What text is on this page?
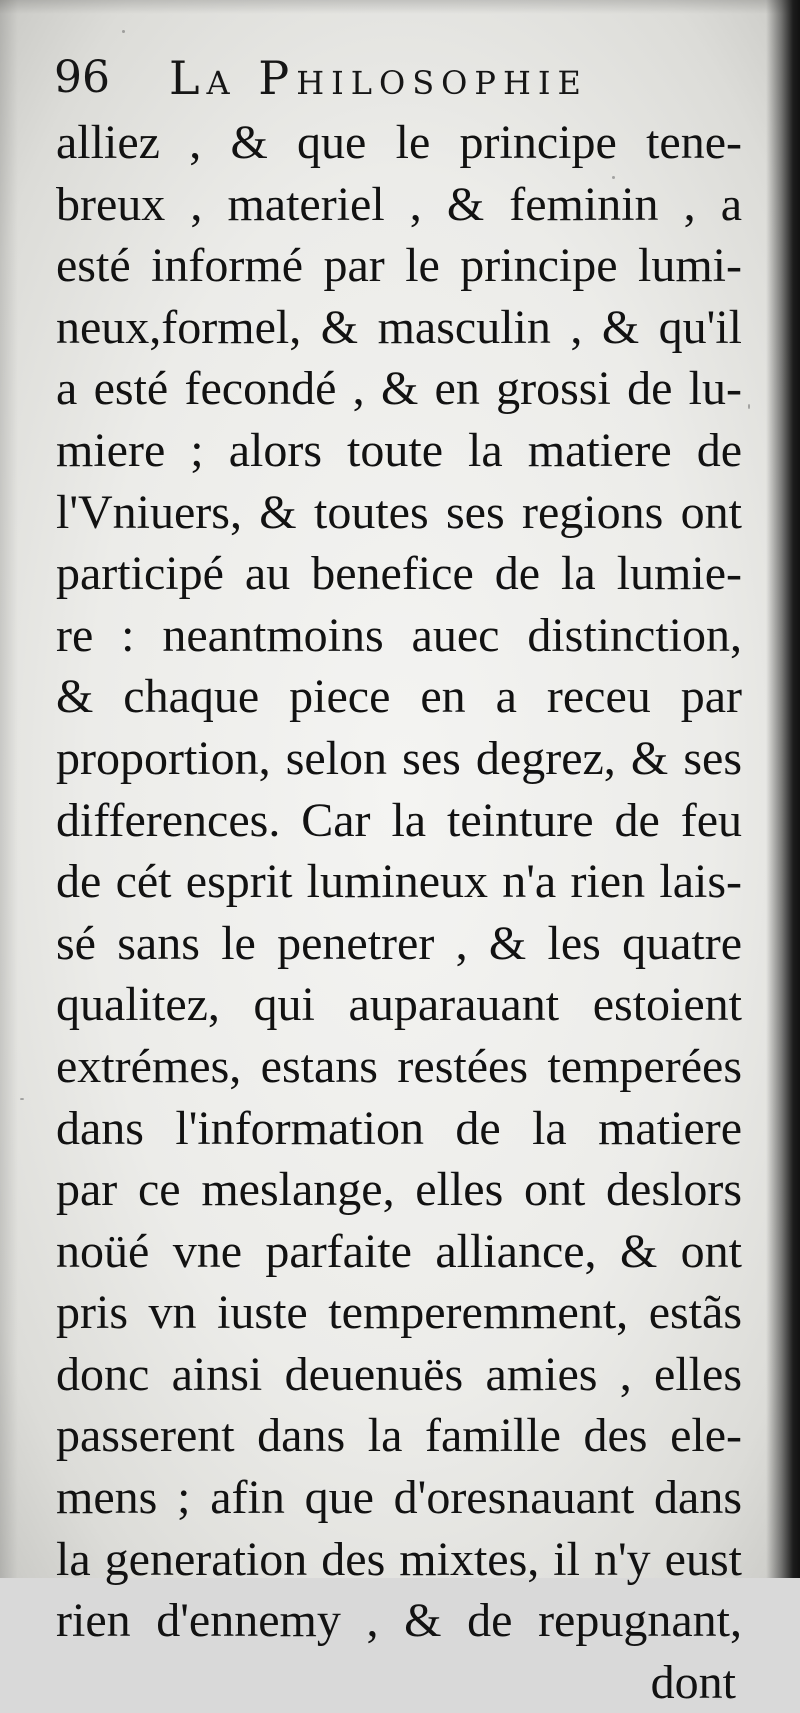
96 La Philosophie
alliez , & que le principe tene-
breux , materiel , & feminin , a
esté informé par le principe lumi-
neux,formel, & masculin , & qu'il
a esté fecondé , & en grossi de lu-
miere ; alors toute la matiere de
l'Vniuers, & toutes ses regions ont
participé au benefice de la lumie-
re : neantmoins auec distinction,
& chaque piece en a receu par
proportion, selon ses degrez, & ses
differences. Car la teinture de feu
de cét esprit lumineux n'a rien lais-
sé sans le penetrer , & les quatre
qualitez, qui auparauant estoient
extrémes, estans restées temperées
dans l'information de la matiere
par ce meslange, elles ont deslors
noüé vne parfaite alliance, & ont
pris vn iuste temperemment, estãs
donc ainsi deuenuës amies , elles
passerent dans la famille des ele-
mens ; afin que d'oresnauant dans
la generation des mixtes, il n'y eust
rien d'ennemy , & de repugnant,
dont
